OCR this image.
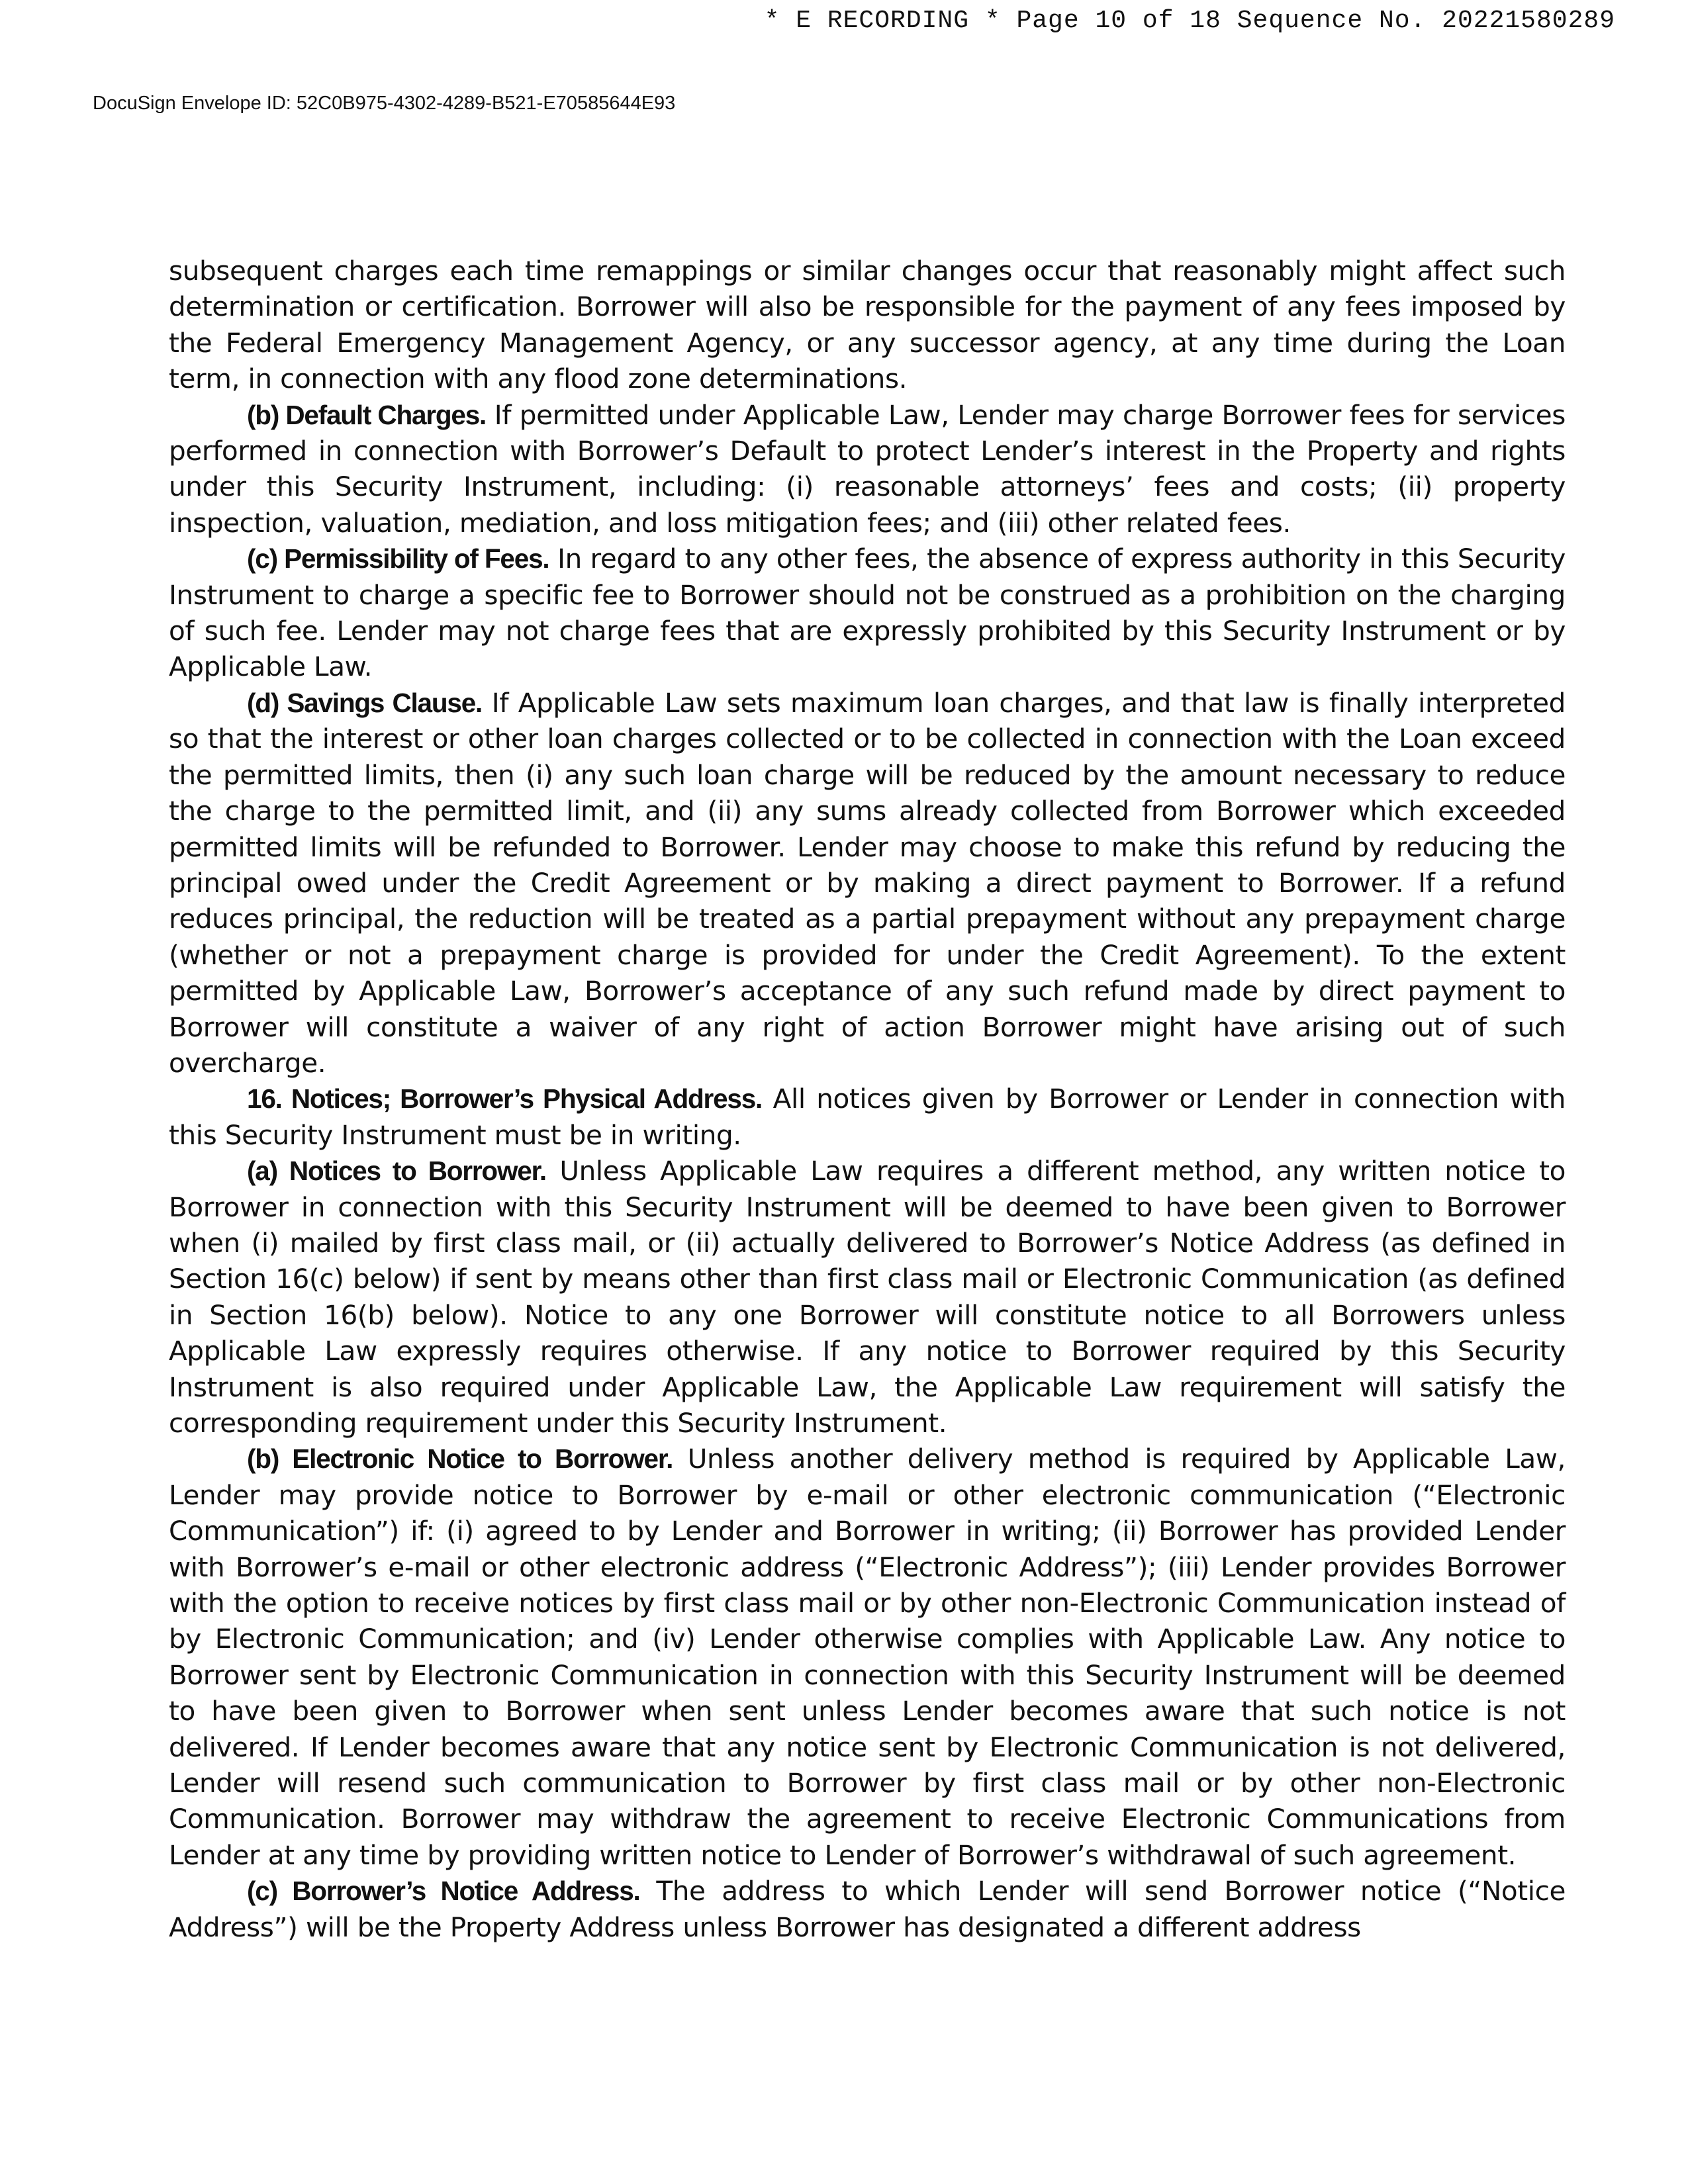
* E RECORDING * Page 10 of 18 Sequence No. 20221580289
DocuSign Envelope ID: 52C0B975-4302-4289-B521-E70585644E93

subsequent charges each time remappings or similar changes occur that reasonably might affect such determination or certification. Borrower will also be responsible for the payment of any fees imposed by the Federal Emergency Management Agency, or any successor agency, at any time during the Loan term, in connection with any flood zone determinations.

(b) Default Charges. If permitted under Applicable Law, Lender may charge Borrower fees for services performed in connection with Borrower’s Default to protect Lender’s interest in the Property and rights under this Security Instrument, including: (i) reasonable attorneys’ fees and costs; (ii) property inspection, valuation, mediation, and loss mitigation fees; and (iii) other related fees.

(c) Permissibility of Fees. In regard to any other fees, the absence of express authority in this Security Instrument to charge a specific fee to Borrower should not be construed as a prohibition on the charging of such fee. Lender may not charge fees that are expressly prohibited by this Security Instrument or by Applicable Law.

(d) Savings Clause. If Applicable Law sets maximum loan charges, and that law is finally interpreted so that the interest or other loan charges collected or to be collected in connection with the Loan exceed the permitted limits, then (i) any such loan charge will be reduced by the amount necessary to reduce the charge to the permitted limit, and (ii) any sums already collected from Borrower which exceeded permitted limits will be refunded to Borrower. Lender may choose to make this refund by reducing the principal owed under the Credit Agreement or by making a direct payment to Borrower. If a refund reduces principal, the reduction will be treated as a partial prepayment without any prepayment charge (whether or not a prepayment charge is provided for under the Credit Agreement). To the extent permitted by Applicable Law, Borrower’s acceptance of any such refund made by direct payment to Borrower will constitute a waiver of any right of action Borrower might have arising out of such overcharge.

16. Notices; Borrower’s Physical Address. All notices given by Borrower or Lender in connection with this Security Instrument must be in writing.

(a) Notices to Borrower. Unless Applicable Law requires a different method, any written notice to Borrower in connection with this Security Instrument will be deemed to have been given to Borrower when (i) mailed by first class mail, or (ii) actually delivered to Borrower’s Notice Address (as defined in Section 16(c) below) if sent by means other than first class mail or Electronic Communication (as defined in Section 16(b) below). Notice to any one Borrower will constitute notice to all Borrowers unless Applicable Law expressly requires otherwise. If any notice to Borrower required by this Security Instrument is also required under Applicable Law, the Applicable Law requirement will satisfy the corresponding requirement under this Security Instrument.

(b) Electronic Notice to Borrower. Unless another delivery method is required by Applicable Law, Lender may provide notice to Borrower by e-mail or other electronic communication (“Electronic Communication”) if: (i) agreed to by Lender and Borrower in writing; (ii) Borrower has provided Lender with Borrower’s e-mail or other electronic address (“Electronic Address”); (iii) Lender provides Borrower with the option to receive notices by first class mail or by other non-Electronic Communication instead of by Electronic Communication; and (iv) Lender otherwise complies with Applicable Law. Any notice to Borrower sent by Electronic Communication in connection with this Security Instrument will be deemed to have been given to Borrower when sent unless Lender becomes aware that such notice is not delivered. If Lender becomes aware that any notice sent by Electronic Communication is not delivered, Lender will resend such communication to Borrower by first class mail or by other non-Electronic Communication. Borrower may withdraw the agreement to receive Electronic Communications from Lender at any time by providing written notice to Lender of Borrower’s withdrawal of such agreement.

(c) Borrower’s Notice Address. The address to which Lender will send Borrower notice (“Notice Address”) will be the Property Address unless Borrower has designated a different address
